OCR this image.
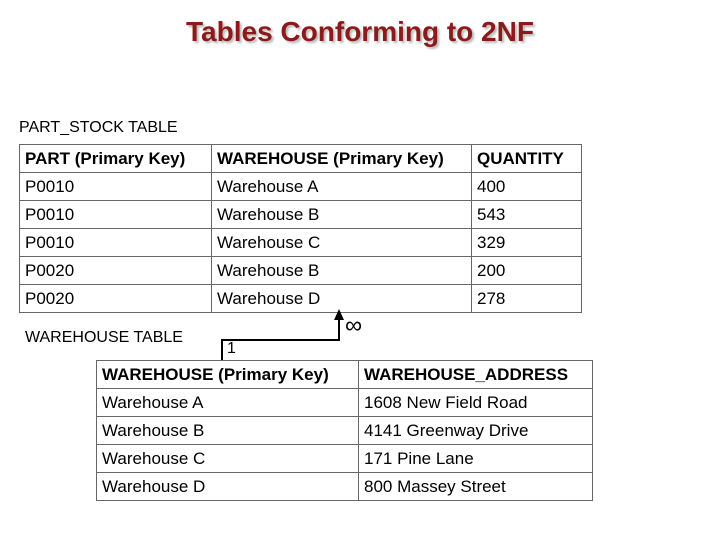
Tables Conforming to 2NF
PART_STOCK TABLE
PART (Primary Key)	WAREHOUSE (Primary Key)	QUANTITY
P0010	Warehouse A	400
P0010	Warehouse B	543
P0010	Warehouse C	329
P0020	Warehouse B	200
P0020	Warehouse D	278
WAREHOUSE TABLE
1
∞
WAREHOUSE (Primary Key)	WAREHOUSE_ADDRESS
Warehouse A	1608 New Field Road
Warehouse B	4141 Greenway Drive
Warehouse C	171 Pine Lane
Warehouse D	800 Massey Street
